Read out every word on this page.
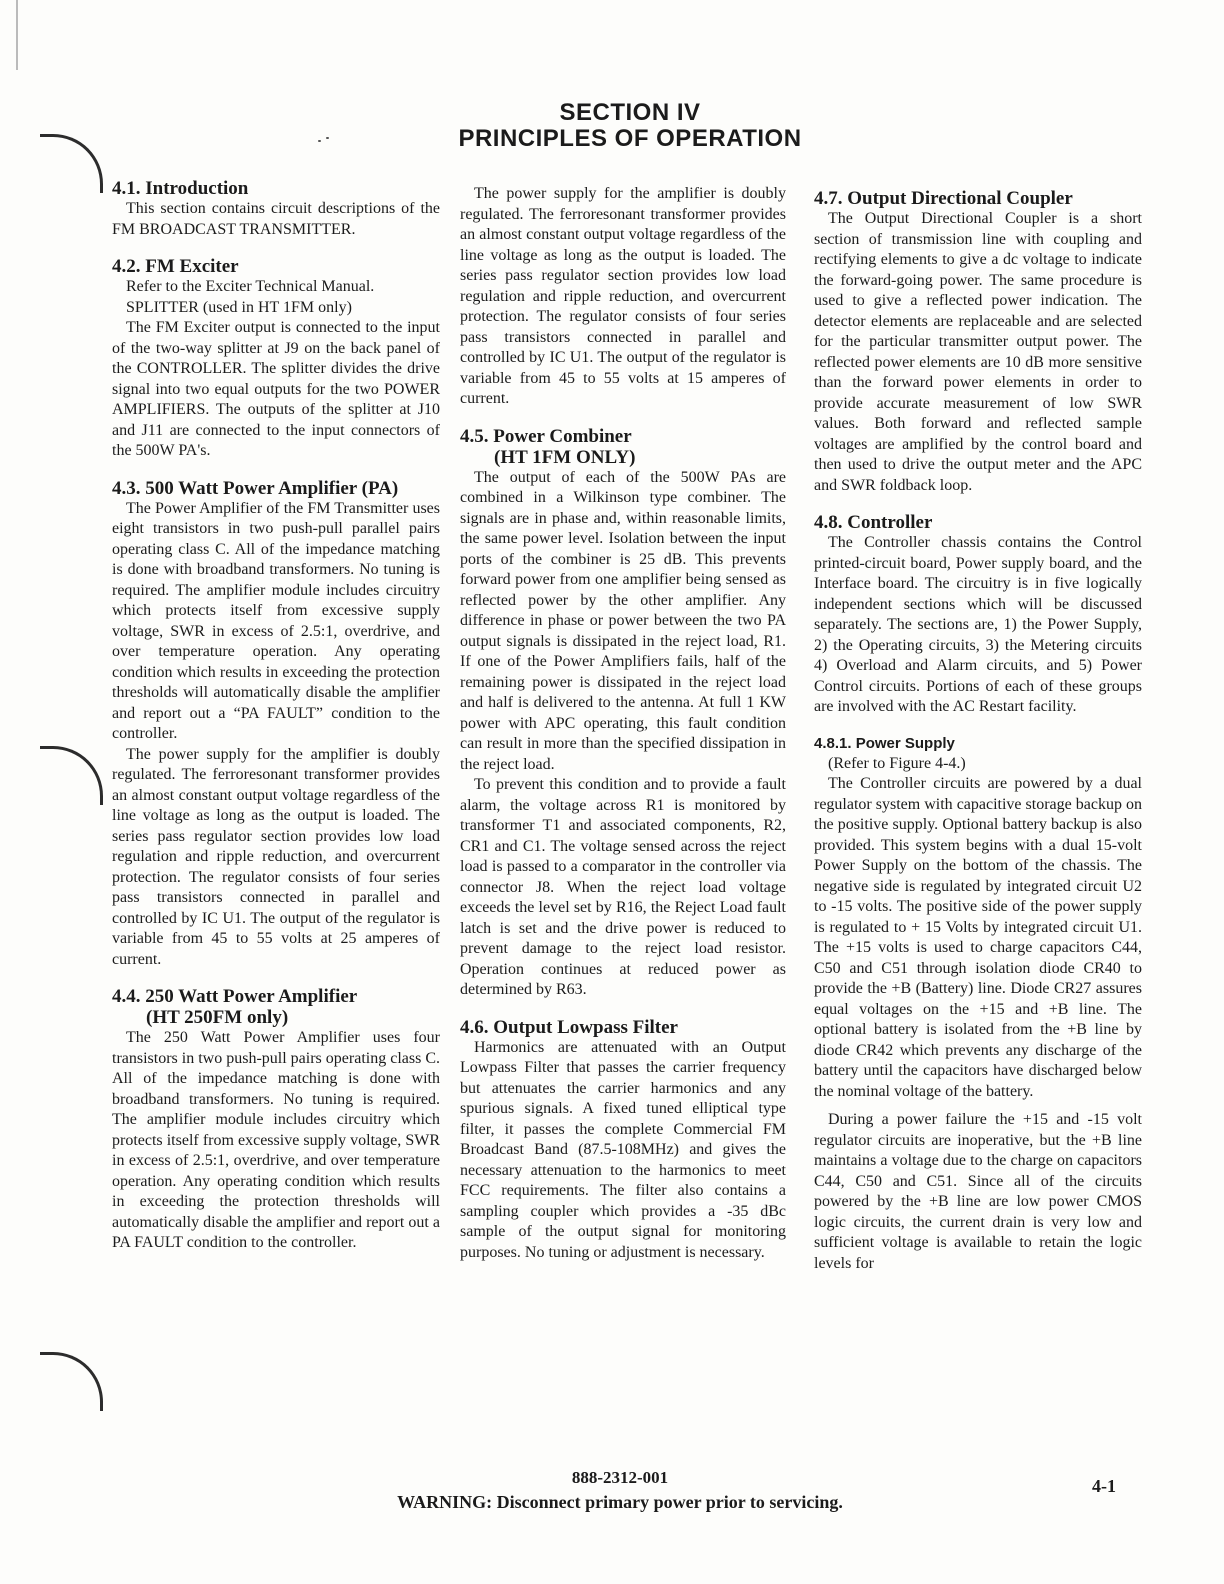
SECTION IV
PRINCIPLES OF OPERATION
4.1. Introduction

This section contains circuit descriptions of the FM BROADCAST TRANSMITTER.

4.2. FM Exciter

Refer to the Exciter Technical Manual.

SPLITTER (used in HT 1FM only)

The FM Exciter output is connected to the input of the two-way splitter at J9 on the back panel of the CONTROLLER. The splitter divides the drive signal into two equal outputs for the two POWER AMPLIFIERS. The outputs of the splitter at J10 and J11 are connected to the input connectors of the 500W PA's.

4.3. 500 Watt Power Amplifier (PA)

The Power Amplifier of the FM Transmitter uses eight transistors in two push-pull parallel pairs operating class C. All of the impedance matching is done with broadband transformers. No tuning is required. The amplifier module includes circuitry which protects itself from excessive supply voltage, SWR in excess of 2.5:1, overdrive, and over temperature operation. Any operating condition which results in exceeding the protection thresholds will automatically disable the amplifier and report out a “PA FAULT” condition to the controller.

The power supply for the amplifier is doubly regulated. The ferroresonant transformer provides an almost constant output voltage regardless of the line voltage as long as the output is loaded. The series pass regulator section provides low load regulation and ripple reduction, and overcurrent protection. The regulator consists of four series pass transistors connected in parallel and controlled by IC U1. The output of the regulator is variable from 45 to 55 volts at 25 amperes of current.

4.4. 250 Watt Power Amplifier
(HT 250FM only)

The 250 Watt Power Amplifier uses four transistors in two push-pull pairs operating class C. All of the impedance matching is done with broadband transformers. No tuning is required. The amplifier module includes circuitry which protects itself from excessive supply voltage, SWR in excess of 2.5:1, overdrive, and over temperature operation. Any operating condition which results in exceeding the protection thresholds will automatically disable the amplifier and report out a PA FAULT condition to the controller.

The power supply for the amplifier is doubly regulated. The ferroresonant transformer provides an almost constant output voltage regardless of the line voltage as long as the output is loaded. The series pass regulator section provides low load regulation and ripple reduction, and overcurrent protection. The regulator consists of four series pass transistors connected in parallel and controlled by IC U1. The output of the regulator is variable from 45 to 55 volts at 15 amperes of current.

4.5. Power Combiner
(HT 1FM ONLY)

The output of each of the 500W PAs are combined in a Wilkinson type combiner. The signals are in phase and, within reasonable limits, the same power level. Isolation between the input ports of the combiner is 25 dB. This prevents forward power from one amplifier being sensed as reflected power by the other amplifier. Any difference in phase or power between the two PA output signals is dissipated in the reject load, R1. If one of the Power Amplifiers fails, half of the remaining power is dissipated in the reject load and half is delivered to the antenna. At full 1 KW power with APC operating, this fault condition can result in more than the specified dissipation in the reject load.

To prevent this condition and to provide a fault alarm, the voltage across R1 is monitored by transformer T1 and associated components, R2, CR1 and C1. The voltage sensed across the reject load is passed to a comparator in the controller via connector J8. When the reject load voltage exceeds the level set by R16, the Reject Load fault latch is set and the drive power is reduced to prevent damage to the reject load resistor. Operation continues at reduced power as determined by R63.

4.6. Output Lowpass Filter

Harmonics are attenuated with an Output Lowpass Filter that passes the carrier frequency but attenuates the carrier harmonics and any spurious signals. A fixed tuned elliptical type filter, it passes the complete Commercial FM Broadcast Band (87.5-108MHz) and gives the necessary attenuation to the harmonics to meet FCC requirements. The filter also contains a sampling coupler which provides a -35 dBc sample of the output signal for monitoring purposes. No tuning or adjustment is necessary.

4.7. Output Directional Coupler

The Output Directional Coupler is a short section of transmission line with coupling and rectifying elements to give a dc voltage to indicate the forward-going power. The same procedure is used to give a reflected power indication. The detector elements are replaceable and are selected for the particular transmitter output power. The reflected power elements are 10 dB more sensitive than the forward power elements in order to provide accurate measurement of low SWR values. Both forward and reflected sample voltages are amplified by the control board and then used to drive the output meter and the APC and SWR foldback loop.

4.8. Controller

The Controller chassis contains the Control printed-circuit board, Power supply board, and the Interface board. The circuitry is in five logically independent sections which will be discussed separately. The sections are, 1) the Power Supply, 2) the Operating circuits, 3) the Metering circuits 4) Overload and Alarm circuits, and 5) Power Control circuits. Portions of each of these groups are involved with the AC Restart facility.

4.8.1. Power Supply

(Refer to Figure 4-4.)

The Controller circuits are powered by a dual regulator system with capacitive storage backup on the positive supply. Optional battery backup is also provided. This system begins with a dual 15-volt Power Supply on the bottom of the chassis. The negative side is regulated by integrated circuit U2 to -15 volts. The positive side of the power supply is regulated to + 15 Volts by integrated circuit U1. The +15 volts is used to charge capacitors C44, C50 and C51 through isolation diode CR40 to provide the +B (Battery) line. Diode CR27 assures equal voltages on the +15 and +B line. The optional battery is isolated from the +B line by diode CR42 which prevents any discharge of the battery until the capacitors have discharged below the nominal voltage of the battery.

During a power failure the +15 and -15 volt regulator circuits are inoperative, but the +B line maintains a voltage due to the charge on capacitors C44, C50 and C51. Since all of the circuits powered by the +B line are low power CMOS logic circuits, the current drain is very low and sufficient voltage is available to retain the logic levels for

888-2312-001
WARNING: Disconnect primary power prior to servicing.
4-1
